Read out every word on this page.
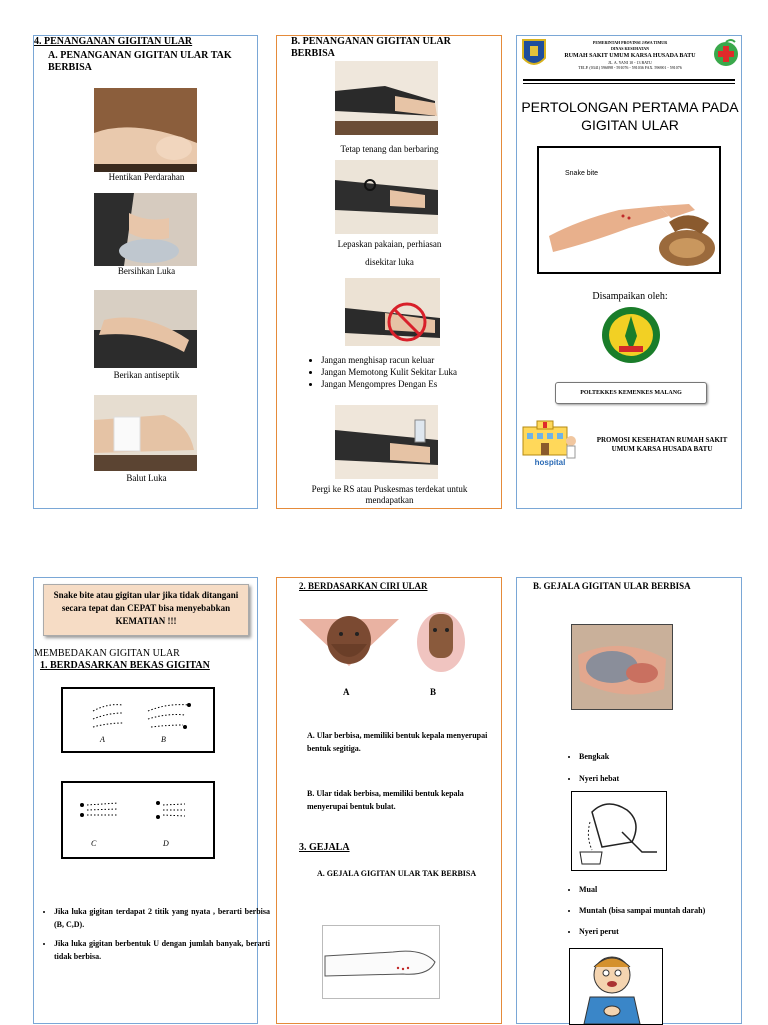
4. PENANGANAN GIGITAN ULAR
A. PENANGANAN GIGITAN ULAR TAK BERBISA
Hentikan Perdarahan
Bersihkan Luka
Berikan antiseptik
Balut Luka
B. PENANGANAN GIGITAN ULAR BERBISA
Tetap tenang dan berbaring
Lepaskan pakaian, perhiasan
disekitar luka
• Jangan menghisap racun keluar
• Jangan Memotong Kulit Sekitar Luka
• Jangan Mengompres Dengan Es
Pergi ke RS atau Puskesmas terdekat untuk mendapatkan
PEMERINTAH PROVINSI JAWA TIMUR
DINAS KESEHATAN
RUMAH SAKIT UMUM KARSA HUSADA BATU
JL. A. YANI 10 - 13 BATU
TELP. (0341) 596898 - 591076 - 591036 FAX. 596901 - 591076
PERTOLONGAN PERTAMA PADA GIGITAN ULAR
Snake bite
Disampaikan oleh:
POLTEKKES KEMENKES MALANG
hospital
PROMOSI KESEHATAN RUMAH SAKIT UMUM KARSA HUSADA BATU
Snake bite atau gigitan ular jika tidak ditangani secara tepat dan CEPAT bisa menyebabkan KEMATIAN !!!
MEMBEDAKAN GIGITAN ULAR
1. BERDASARKAN BEKAS GIGITAN
A	B
C	D
• Jika luka gigitan terdapat 2 titik yang nyata , berarti berbisa (B, C,D).
• Jika luka gigitan berbentuk U dengan jumlah banyak, berarti tidak berbisa.
2. BERDASARKAN CIRI ULAR
A	B
A. Ular berbisa, memiliki bentuk kepala menyerupai bentuk segitiga.
B. Ular tidak berbisa, memiliki bentuk kepala menyerupai bentuk bulat.
3. GEJALA
A. GEJALA GIGITAN ULAR TAK BERBISA
B. GEJALA GIGITAN ULAR BERBISA
• Bengkak
• Nyeri hebat
• Mual
• Muntah (bisa sampai muntah darah)
• Nyeri perut
